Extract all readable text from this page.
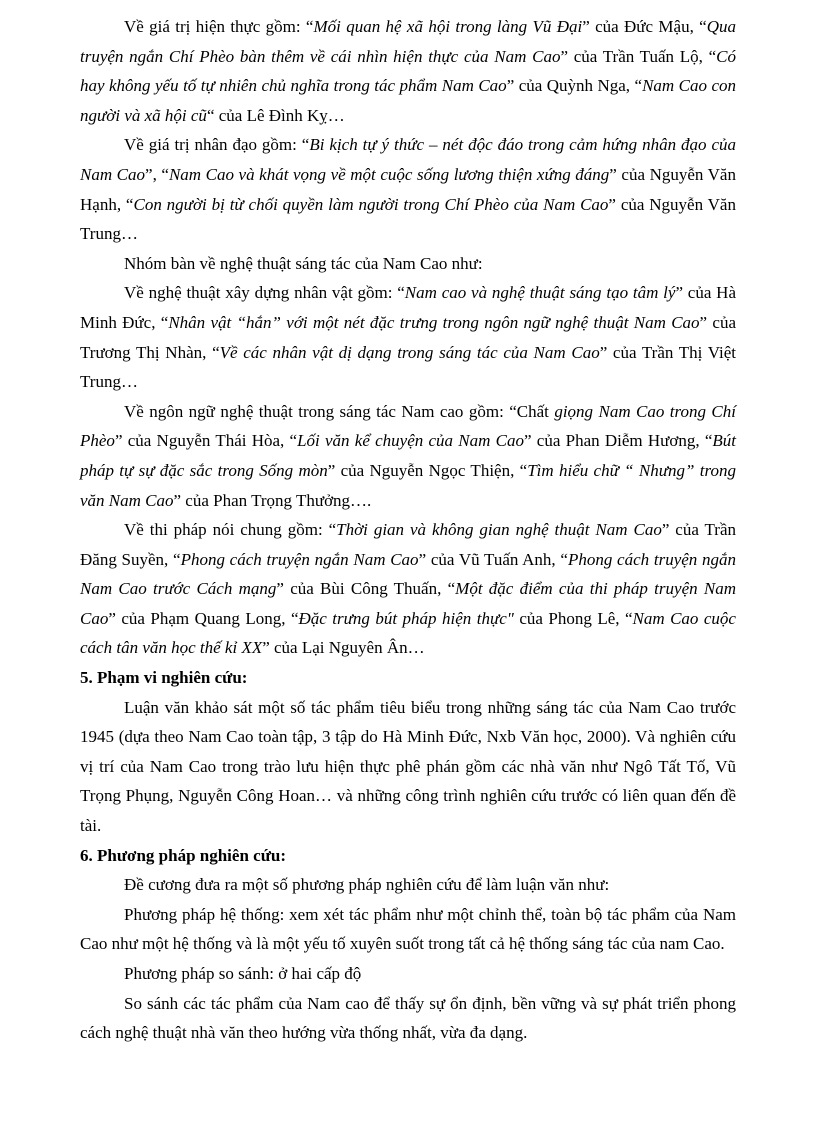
Về giá trị hiện thực gồm: “Mối quan hệ xã hội trong làng Vũ Đại” của Đức Mậu, “Qua truyện ngắn Chí Phèo bàn thêm về cái nhìn hiện thực của Nam Cao” của Trần Tuấn Lộ, “Có hay không yếu tố tự nhiên chủ nghĩa trong tác phẩm Nam Cao” của Quỳnh Nga, “Nam Cao con người và xã hội cũ“ của Lê Đình Kỵ…

Về giá trị nhân đạo gồm: “Bi kịch tự ý thức – nét độc đáo trong cảm hứng nhân đạo của Nam Cao”, “Nam Cao và khát vọng về một cuộc sống lương thiện xứng đáng” của Nguyễn Văn Hạnh, “Con người bị từ chối quyền làm người trong Chí Phèo của Nam Cao” của Nguyễn Văn Trung…

Nhóm bàn về nghệ thuật sáng tác của Nam Cao như:

Về nghệ thuật xây dựng nhân vật gồm: “Nam cao và nghệ thuật sáng tạo tâm lý” của Hà Minh Đức, “Nhân vật “hắn” với một nét đặc trưng trong ngôn ngữ nghệ thuật Nam Cao” của Trương Thị Nhàn, “Về các nhân vật dị dạng trong sáng tác của Nam Cao” của Trần Thị Việt Trung…

Về ngôn ngữ nghệ thuật trong sáng tác Nam cao gồm: “Chất giọng Nam Cao trong Chí Phèo” của Nguyễn Thái Hòa, “Lối văn kể chuyện của Nam Cao” của Phan Diễm Hương, “Bút pháp tự sự đặc sắc trong Sống mòn” của Nguyễn Ngọc Thiện, “Tìm hiểu chữ “ Nhưng” trong văn Nam Cao” của Phan Trọng Thưởng….

Về thi pháp nói chung gồm: “Thời gian và không gian nghệ thuật Nam Cao” của Trần Đăng Suyền, “Phong cách truyện ngắn Nam Cao” của Vũ Tuấn Anh, “Phong cách truyện ngắn Nam Cao trước Cách mạng” của Bùi Công Thuấn, “Một đặc điểm của thi pháp truyện Nam Cao” của Phạm Quang Long, “Đặc trưng bút pháp hiện thực" của Phong Lê, “Nam Cao cuộc cách tân văn học thế kỉ XX” của Lại Nguyên Ân…

5. Phạm vi nghiên cứu:

Luận văn khảo sát một số tác phẩm tiêu biểu trong những sáng tác của Nam Cao trước 1945 (dựa theo Nam Cao toàn tập, 3 tập do Hà Minh Đức, Nxb Văn học, 2000). Và nghiên cứu vị trí của Nam Cao trong trào lưu hiện thực phê phán gồm các nhà văn như Ngô Tất Tố, Vũ Trọng Phụng, Nguyễn Công Hoan… và những công trình nghiên cứu trước có liên quan đến đề tài.

6. Phương pháp nghiên cứu:

Đề cương đưa ra một số phương pháp nghiên cứu để làm luận văn như:

Phương pháp hệ thống: xem xét tác phẩm như một chỉnh thể, toàn bộ tác phẩm của Nam Cao như một hệ thống và là một yếu tố xuyên suốt trong tất cả hệ thống sáng tác của nam Cao.

Phương pháp so sánh: ở hai cấp độ

So sánh các tác phẩm của Nam cao để thấy sự ổn định, bền vững và sự phát triển phong cách nghệ thuật nhà văn theo hướng vừa thống nhất, vừa đa dạng.
